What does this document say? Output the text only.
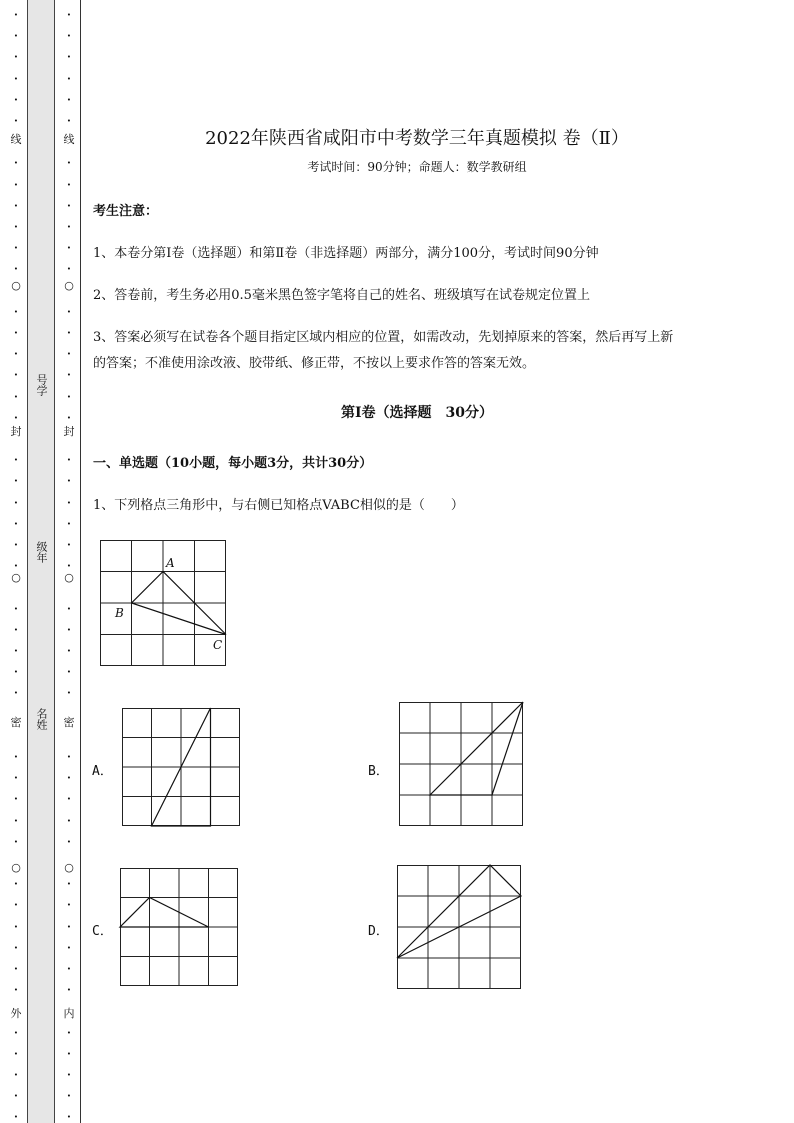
•
•
•
•
•
•
•
•
•
•
•
•
•
•
•
•
•
•
•
•
•
•
•
•
•
•
•
•
•
•
•
•
•
•
•
•
•
•
•
•
•
•
•
•
•
线
○
封
○
密
○
外
号学
级年
名姓
•
•
•
•
•
•
•
•
•
•
•
•
•
•
•
•
•
•
•
•
•
•
•
•
•
•
•
•
•
•
•
•
•
•
•
•
•
•
•
•
•
•
•
•
•
线
○
封
○
密
○
内
2022年陕西省咸阳市中考数学三年真题模拟 卷（Ⅱ）
考试时间：90分钟；命题人：数学教研组
考生注意：
1、本卷分第Ⅰ卷（选择题）和第Ⅱ卷（非选择题）两部分，满分100分，考试时间90分钟
2、答卷前，考生务必用0.5毫米黑色签字笔将自己的姓名、班级填写在试卷规定位置上
3、答案必须写在试卷各个题目指定区域内相应的位置，如需改动，先划掉原来的答案，然后再写上新
的答案；不准使用涂改液、胶带纸、修正带，不按以上要求作答的答案无效。
第Ⅰ卷（选择题　30分）
一、单选题（10小题，每小题3分，共计30分）
1、下列格点三角形中，与右侧已知格点VABC相似的是（　　）
A
B
C
A．	B．
C．	D．
